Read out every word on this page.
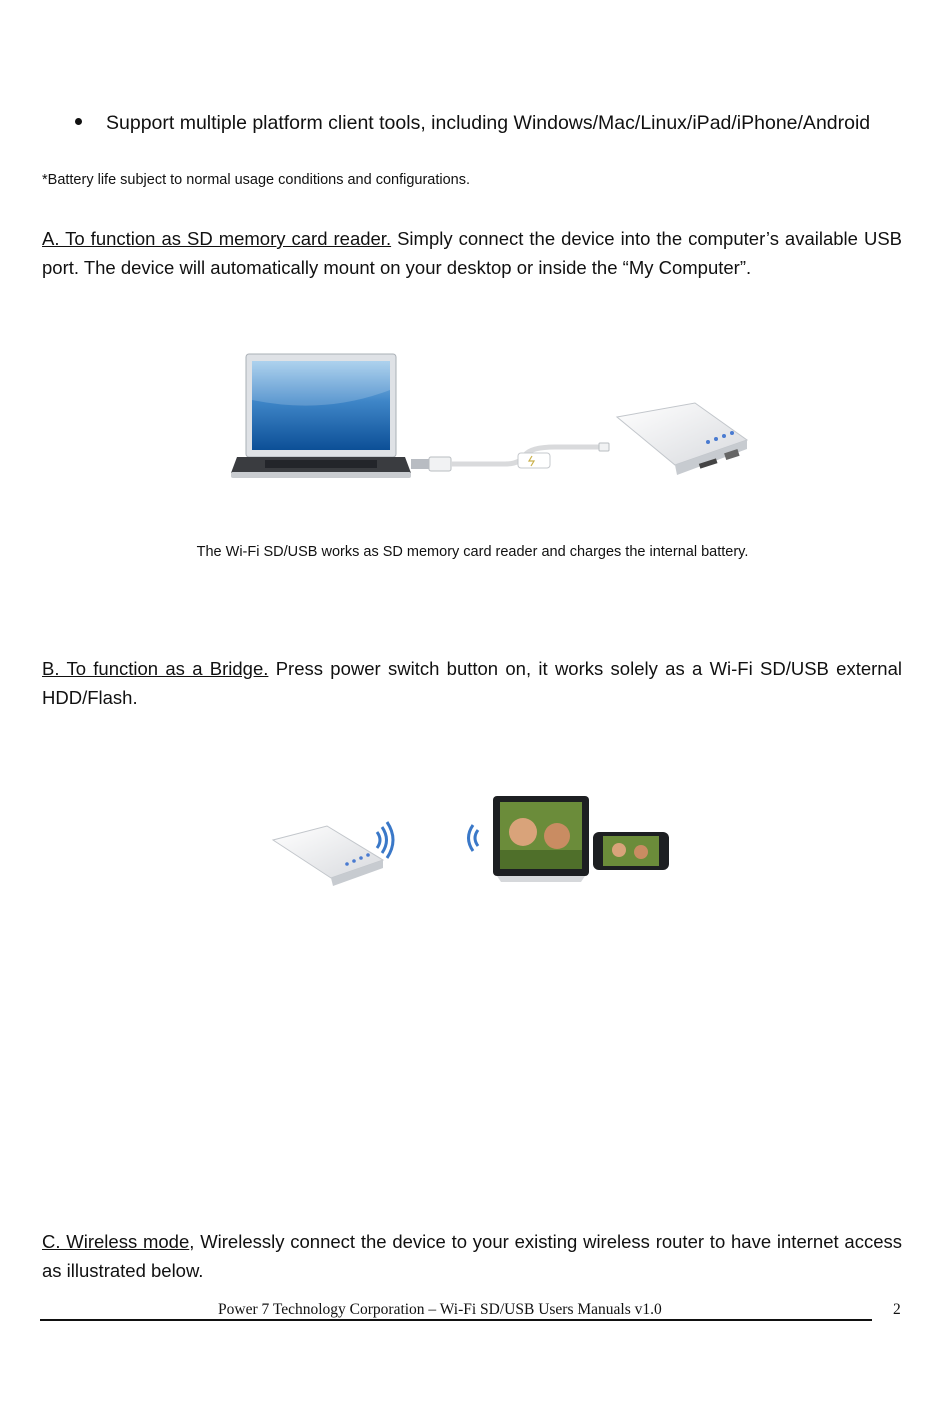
Support multiple platform client tools, including Windows/Mac/Linux/iPad/iPhone/Android
*Battery life subject to normal usage conditions and configurations.
A. To function as SD memory card reader. Simply connect the device into the computer’s available USB port. The device will automatically mount on your desktop or inside the “My Computer”.
The Wi-Fi SD/USB works as SD memory card reader and charges the internal battery.
B. To function as a Bridge. Press power switch button on, it works solely as a Wi-Fi SD/USB external HDD/Flash.
C. Wireless mode, Wirelessly connect the device to your existing wireless router to have internet access as illustrated below.
Power 7 Technology Corporation – Wi-Fi SD/USB Users Manuals v1.0	2
